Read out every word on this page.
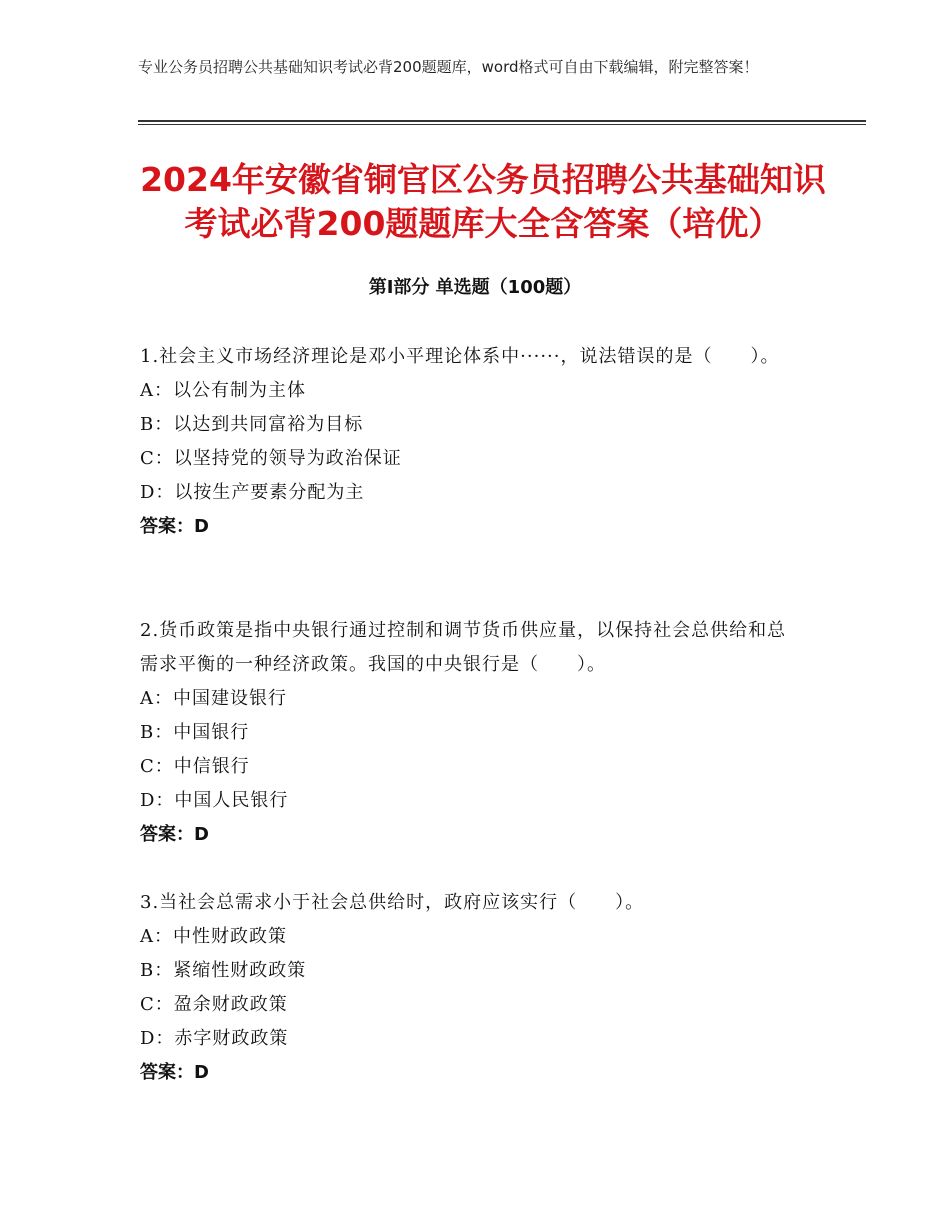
专业公务员招聘公共基础知识考试必背200题题库，word格式可自由下载编辑，附完整答案！
2024年安徽省铜官区公务员招聘公共基础知识考试必背200题题库大全含答案（培优）
第Ⅰ部分 单选题（100题）
1.社会主义市场经济理论是邓小平理论体系中······，说法错误的是（　　）。
A：以公有制为主体
B：以达到共同富裕为目标
C：以坚持党的领导为政治保证
D：以按生产要素分配为主
答案：D
2.货币政策是指中央银行通过控制和调节货币供应量，以保持社会总供给和总需求平衡的一种经济政策。我国的中央银行是（　　）。
A：中国建设银行
B：中国银行
C：中信银行
D：中国人民银行
答案：D
3.当社会总需求小于社会总供给时，政府应该实行（　　）。
A：中性财政政策
B：紧缩性财政政策
C：盈余财政政策
D：赤字财政政策
答案：D
